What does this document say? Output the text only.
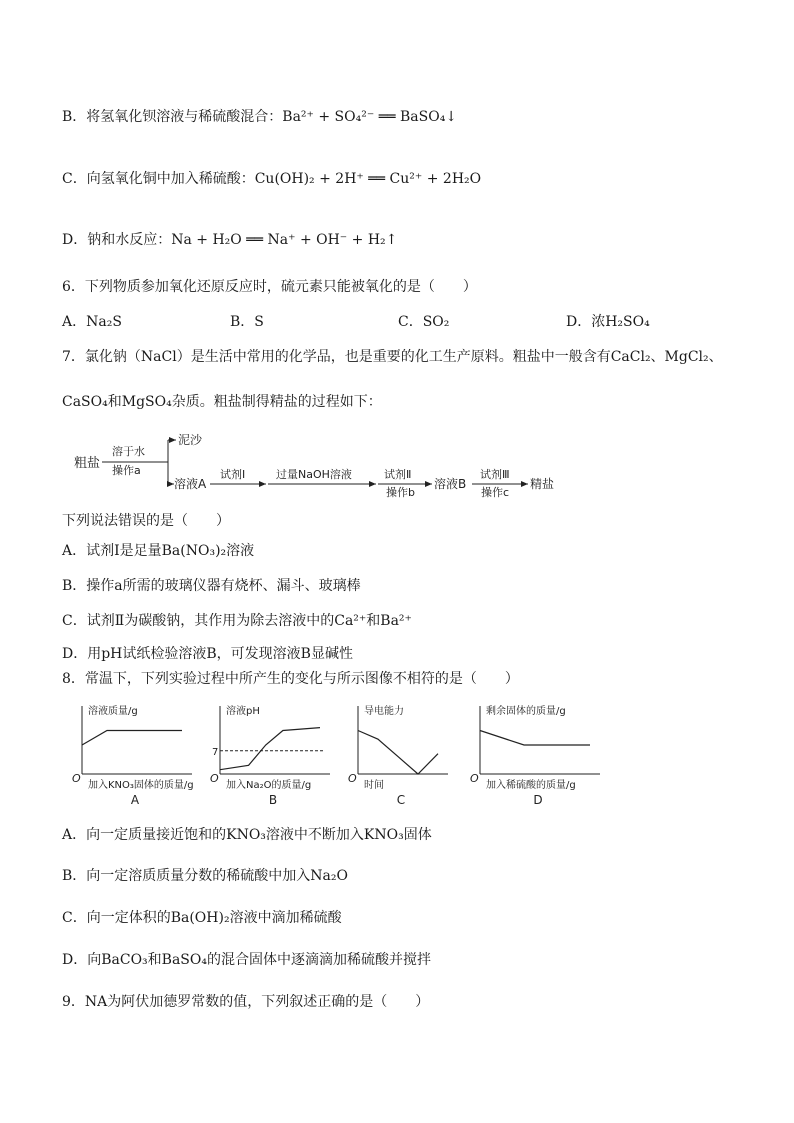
B．将氢氧化钡溶液与稀硫酸混合：Ba²⁺ + SO₄²⁻ ══ BaSO₄↓
C．向氢氧化铜中加入稀硫酸：Cu(OH)₂ + 2H⁺ ══ Cu²⁺ + 2H₂O
D．钠和水反应：Na + H₂O ══ Na⁺ + OH⁻ + H₂↑
6．下列物质参加氧化还原反应时，硫元素只能被氧化的是（　　）
A．Na₂S	B．S	C．SO₂	D．浓H₂SO₄
7．氯化钠（NaCl）是生活中常用的化学品，也是重要的化工生产原料。粗盐中一般含有CaCl₂、MgCl₂、
CaSO₄和MgSO₄杂质。粗盐制得精盐的过程如下：
粗盐
溶于水
操作a
泥沙
溶液A
试剂Ⅰ	过量NaOH溶液	试剂Ⅱ
操作b
溶液B
试剂Ⅲ
操作c
精盐
下列说法错误的是（　　）
A．试剂Ⅰ是足量Ba(NO₃)₂溶液
B．操作a所需的玻璃仪器有烧杯、漏斗、玻璃棒
C．试剂Ⅱ为碳酸钠，其作用为除去溶液中的Ca²⁺和Ba²⁺
D．用pH试纸检验溶液B，可发现溶液B显碱性
8．常温下，下列实验过程中所产生的变化与所示图像不相符的是（　　）
溶液质量/g
O
加入KNO₃固体的质量/g
A
溶液pH
O
加入Na₂O的质量/g
B
7
导电能力
O
时间
C
剩余固体的质量/g
O
加入稀硫酸的质量/g
D
A．向一定质量接近饱和的KNO₃溶液中不断加入KNO₃固体
B．向一定溶质质量分数的稀硫酸中加入Na₂O
C．向一定体积的Ba(OH)₂溶液中滴加稀硫酸
D．向BaCO₃和BaSO₄的混合固体中逐滴滴加稀硫酸并搅拌
9．NA为阿伏加德罗常数的值，下列叙述正确的是（　　）
